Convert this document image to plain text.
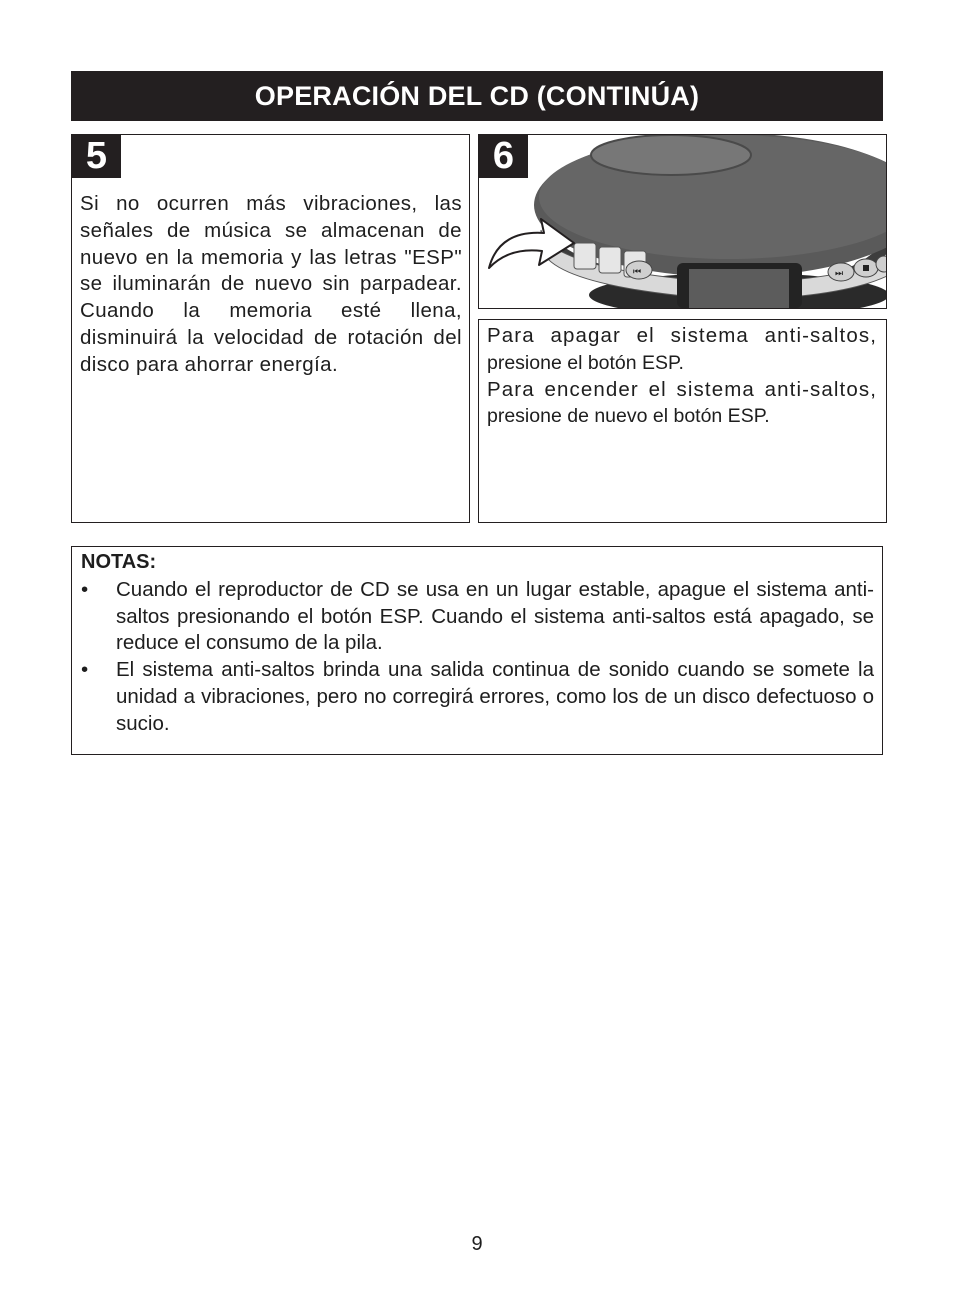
OPERACIÓN DEL CD (CONTINÚA)
5

Si no ocurren más vibraciones, las señales de música se almacenan de nuevo en la memoria y las letras "ESP" se iluminarán de nuevo sin parpadear. Cuando la memoria esté llena, disminuirá la velocidad de rotación del disco para ahorrar energía.

⏮	⏭
6
Para apagar el sistema anti-saltos,
presione el botón ESP.
Para encender el sistema anti-saltos,
presione de nuevo el botón ESP.
NOTAS:
• Cuando el reproductor de CD se usa en un lugar estable, apague el sistema anti-saltos presionando el botón ESP. Cuando el sistema anti-saltos está apagado, se reduce el consumo de la pila.
• El sistema anti-saltos brinda una salida continua de sonido cuando se somete la unidad a vibraciones, pero no corregirá errores, como los de un disco defectuoso o sucio.
9
